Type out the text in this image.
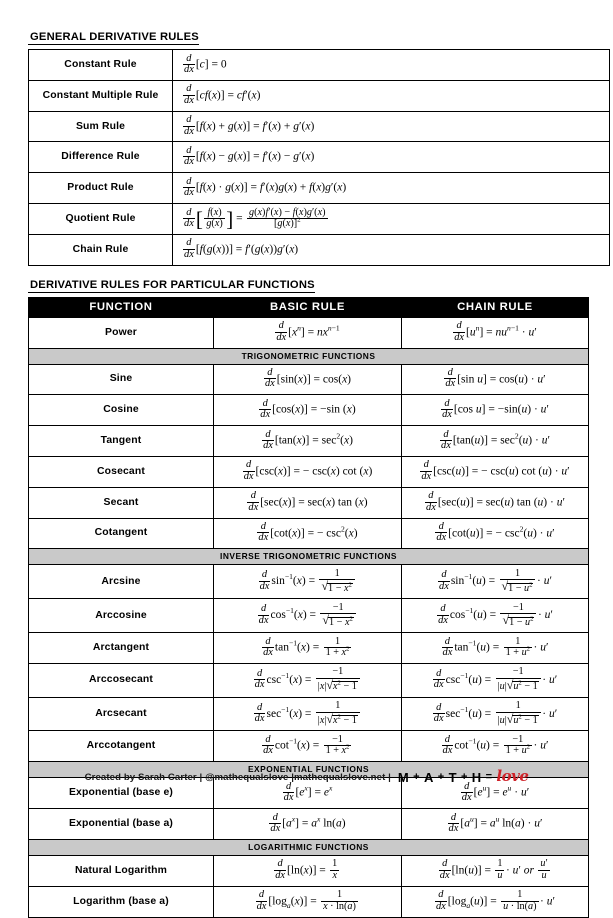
GENERAL DERIVATIVE RULES
Constant Rule	$\frac{d}{dx} [c] = 0$
Constant Multiple Rule	$\frac{d}{dx} [cf(x)] = cf'(x)$
Sum Rule	$\frac{d}{dx} [f(x) + g(x)] = f'(x) + g'(x)$
Difference Rule	$\frac{d}{dx} [f(x) - g(x)] = f'(x) - g'(x)$
Product Rule	$\frac{d}{dx} [f(x) \cdot g(x)] = f'(x)g(x) + f(x)g'(x)$
Quotient Rule	$\frac{d}{dx}$ [ $\frac{f(x)}{g(x)}$ ] = $\frac{g(x)f'(x) - f(x)g'(x)}{[g(x)]^2}$

Chain Rule	$\frac{d}{dx} [f(g(x))] = f'(g(x))g'(x)$
DERIVATIVE RULES FOR PARTICULAR FUNCTIONS
FUNCTION	BASIC RULE	CHAIN RULE
Power	$\frac{d}{dx} [x^n] = nx^{n-1}$	$\frac{d}{dx} [u^n] = nu^{n-1} \cdot u'$
TRIGONOMETRIC FUNCTIONS		
Sine	$\frac{d}{dx} [\sin(x)] = \cos(x)$	$\frac{d}{dx} [\sin$ u] = cos(u) · u′
Cosine	$\frac{d}{dx} [\cos(x)] = -\sin$ (x)	$\frac{d}{dx} [\cos$ u] = −sin(u) · u′
Tangent	$\frac{d}{dx} [\tan(x)] = \sec^2(x)$	$\frac{d}{dx} [\tan(u)] = \sec^2(u) \cdot u'$
Cosecant	$\frac{d}{dx} [\csc(x)]$ = − csc(x) cot (x)	$\frac{d}{dx} [\csc(u)]$ = − csc(u) cot (u) · u′
Secant	$\frac{d}{dx} [\sec(x)] = \sec(x)$ tan (x)	$\frac{d}{dx} [\sec(u)] = \sec(u)$ tan (u) · u′
Cotangent	$\frac{d}{dx} [\cot(x)]$ = − $\csc^2(x)$	$\frac{d}{dx} [\cot(u)]$ = − $\csc^2(u) \cdot u'$
INVERSE TRIGONOMETRIC FUNCTIONS		
Arcsine	$\frac{d}{dx} \sin^{-1}(x) = \frac{1}{√1 - x^2}$	$\frac{d}{dx} \sin^{-1}(u) = \frac{1}{√1 - u^2} \cdot u'$
Arccosine	$\frac{d}{dx} \cos^{-1}(x) = \frac{-1}{√1 - x^2}$	$\frac{d}{dx} \cos^{-1}(u) = \frac{-1}{√1 - u^2} \cdot u'$
Arctangent	$\frac{d}{dx} \tan^{-1}(x) = \frac{1}{1 + x^2}$	$\frac{d}{dx} \tan^{-1}(u) = \frac{1}{1 + u^2} \cdot u'$
Arccosecant	$\frac{d}{dx} \csc^{-1}(x) = \frac{-1}{|x|√x^2 - 1}$	$\frac{d}{dx} \csc^{-1}(u) = \frac{-1}{|u|√u^2 - 1} \cdot u'$
Arcsecant	$\frac{d}{dx} \sec^{-1}(x) = \frac{1}{|x|√x^2 - 1}$	$\frac{d}{dx} \sec^{-1}(u) = \frac{1}{|u|√u^2 - 1} \cdot u'$
Arccotangent	$\frac{d}{dx} \cot^{-1}(x) = \frac{-1}{1 + x^2}$	$\frac{d}{dx} \cot^{-1}(u) = \frac{-1}{1 + u^2} \cdot u'$
EXPONENTIAL FUNCTIONS		
Exponential (base e)	$\frac{d}{dx} [e^x] = e^x$	$\frac{d}{dx} [e^u] = e^u \cdot u'$
Exponential (base a)	$\frac{d}{dx} [a^x] = a^x$ ln(a)	$\frac{d}{dx} [a^u] = a^u$ ln(a) · u′
LOGARITHMIC FUNCTIONS		
Natural Logarithm	$\frac{d}{dx} [\ln(x)] = \frac{1}{x}$	$\frac{d}{dx} [\ln(u)] = \frac{1}{u} \cdot u'$ or $\frac{u'}{u}$

Logarithm (base a)	$\frac{d}{dx} [\log_a(x)] = \frac{1}{x \cdot \ln(a)}$	$\frac{d}{dx} [\log_a(u)] = \frac{1}{u \cdot \ln(a)} \cdot u'$
Created by Sarah Carter | @mathequalslove |mathequalslove.net | M + A + T + H = love
